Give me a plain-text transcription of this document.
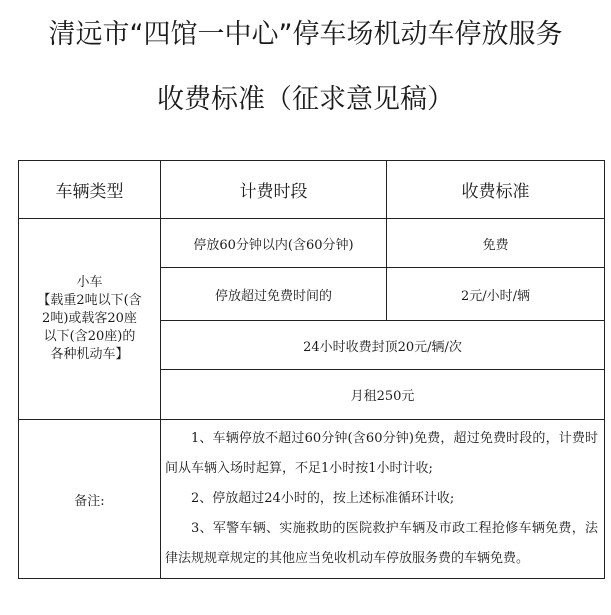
清远市“四馆一中心”停车场机动车停放服务
收费标准（征求意见稿）
车辆类型	计费时段	收费标准

小车
【载重2吨以下(含
2吨)或载客20座
以下(含20座)的
各种机动车】	停放60分钟以内(含60分钟)	免费
	停放超过免费时间的	2元/小时/辆
	24小时收费封顶20元/辆/次	
	月租250元	
备注:	1、车辆停放不超过60分钟(含60分钟)免费，超过免费时段的，计费时间从车辆入场时起算，不足1小时按1小时计收;

2、停放超过24小时的，按上述标准循环计收;

3、军警车辆、实施救助的医院救护车辆及市政工程抢修车辆免费，法律法规规章规定的其他应当免收机动车停放服务费的车辆免费。	
